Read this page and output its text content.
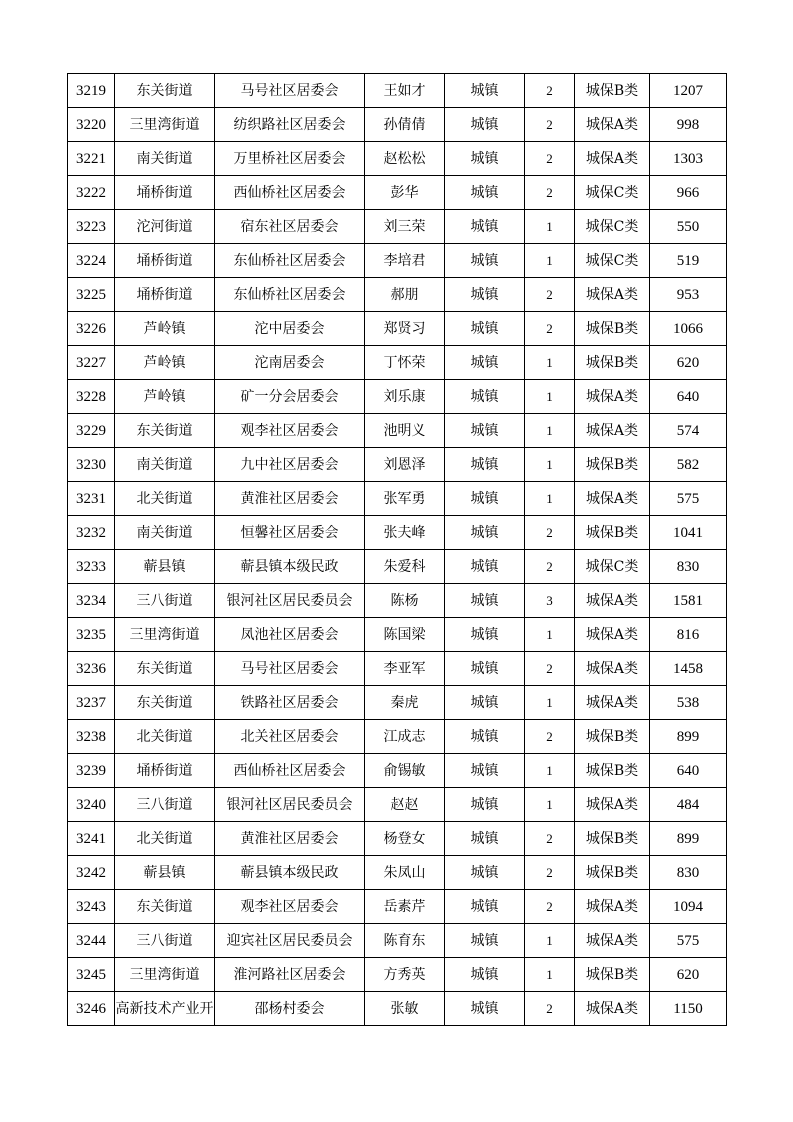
3219	东关街道	马号社区居委会	王如才	城镇	2	城保B类	1207
3220	三里湾街道	纺织路社区居委会	孙倩倩	城镇	2	城保A类	998
3221	南关街道	万里桥社区居委会	赵松松	城镇	2	城保A类	1303
3222	埇桥街道	西仙桥社区居委会	彭华	城镇	2	城保C类	966
3223	沱河街道	宿东社区居委会	刘三荣	城镇	1	城保C类	550
3224	埇桥街道	东仙桥社区居委会	李培君	城镇	1	城保C类	519
3225	埇桥街道	东仙桥社区居委会	郝朋	城镇	2	城保A类	953
3226	芦岭镇	沱中居委会	郑贤习	城镇	2	城保B类	1066
3227	芦岭镇	沱南居委会	丁怀荣	城镇	1	城保B类	620
3228	芦岭镇	矿一分会居委会	刘乐康	城镇	1	城保A类	640
3229	东关街道	观李社区居委会	池明义	城镇	1	城保A类	574
3230	南关街道	九中社区居委会	刘恩泽	城镇	1	城保B类	582
3231	北关街道	黄淮社区居委会	张军勇	城镇	1	城保A类	575
3232	南关街道	恒馨社区居委会	张夫峰	城镇	2	城保B类	1041
3233	蕲县镇	蕲县镇本级民政	朱爱科	城镇	2	城保C类	830
3234	三八街道	银河社区居民委员会	陈杨	城镇	3	城保A类	1581
3235	三里湾街道	凤池社区居委会	陈国梁	城镇	1	城保A类	816
3236	东关街道	马号社区居委会	李亚军	城镇	2	城保A类	1458
3237	东关街道	铁路社区居委会	秦虎	城镇	1	城保A类	538
3238	北关街道	北关社区居委会	江成志	城镇	2	城保B类	899
3239	埇桥街道	西仙桥社区居委会	俞锡敏	城镇	1	城保B类	640
3240	三八街道	银河社区居民委员会	赵赵	城镇	1	城保A类	484
3241	北关街道	黄淮社区居委会	杨登女	城镇	2	城保B类	899
3242	蕲县镇	蕲县镇本级民政	朱凤山	城镇	2	城保B类	830
3243	东关街道	观李社区居委会	岳素芹	城镇	2	城保A类	1094
3244	三八街道	迎宾社区居民委员会	陈育东	城镇	1	城保A类	575
3245	三里湾街道	淮河路社区居委会	方秀英	城镇	1	城保B类	620
3246	高新技术产业开	邵杨村委会	张敏	城镇	2	城保A类	1150
